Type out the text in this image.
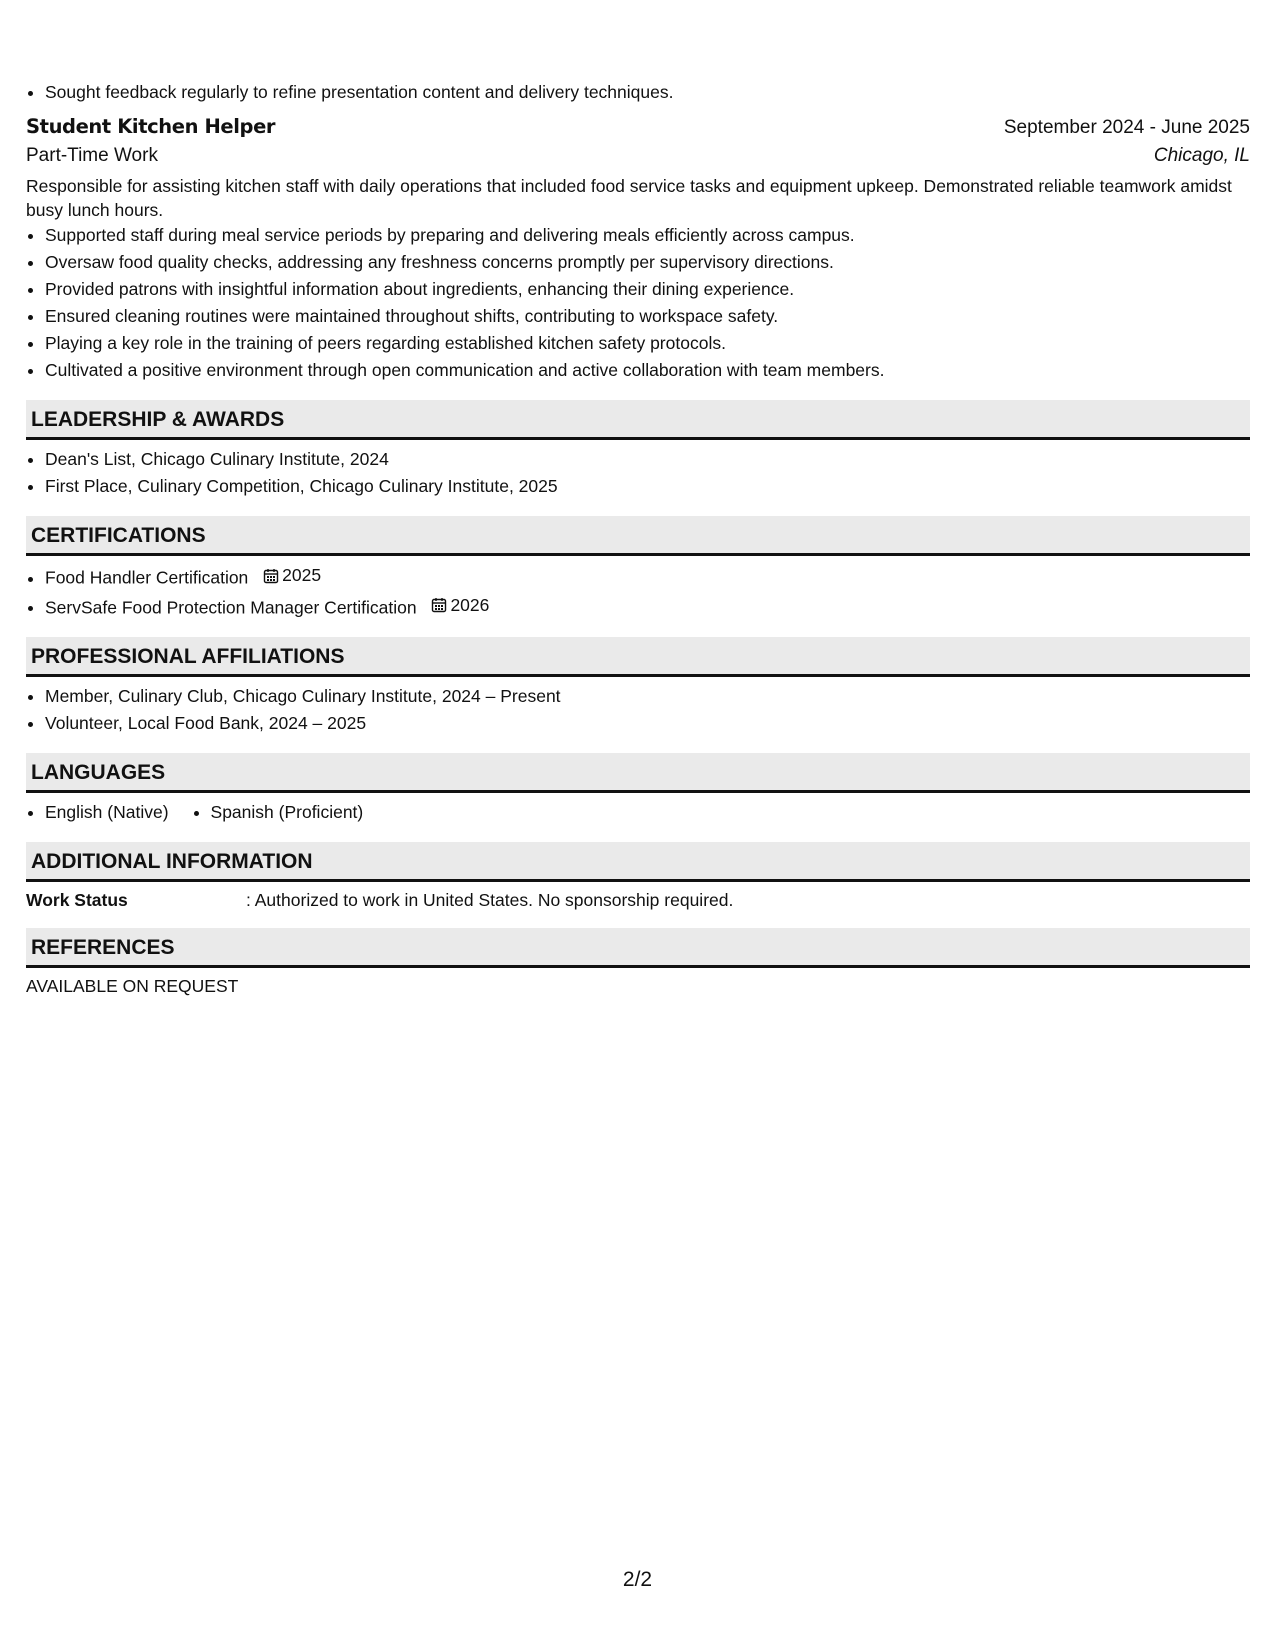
• Sought feedback regularly to refine presentation content and delivery techniques.
Student Kitchen Helper	September 2024 - June 2025
Part-Time Work	Chicago, IL
Responsible for assisting kitchen staff with daily operations that included food service tasks and equipment upkeep. Demonstrated reliable teamwork amidst busy lunch hours.
• Supported staff during meal service periods by preparing and delivering meals efficiently across campus.
• Oversaw food quality checks, addressing any freshness concerns promptly per supervisory directions.
• Provided patrons with insightful information about ingredients, enhancing their dining experience.
• Ensured cleaning routines were maintained throughout shifts, contributing to workspace safety.
• Playing a key role in the training of peers regarding established kitchen safety protocols.
• Cultivated a positive environment through open communication and active collaboration with team members.
LEADERSHIP & AWARDS
• Dean's List, Chicago Culinary Institute, 2024
• First Place, Culinary Competition, Chicago Culinary Institute, 2025
CERTIFICATIONS
• Food Handler Certification 2025
• ServSafe Food Protection Manager Certification 2026
PROFESSIONAL AFFILIATIONS
• Member, Culinary Club, Chicago Culinary Institute, 2024 – Present
• Volunteer, Local Food Bank, 2024 – 2025
LANGUAGES
• English (Native)
• Spanish (Proficient)
ADDITIONAL INFORMATION
Work Status	: Authorized to work in United States. No sponsorship required.
REFERENCES
AVAILABLE ON REQUEST
2/2
